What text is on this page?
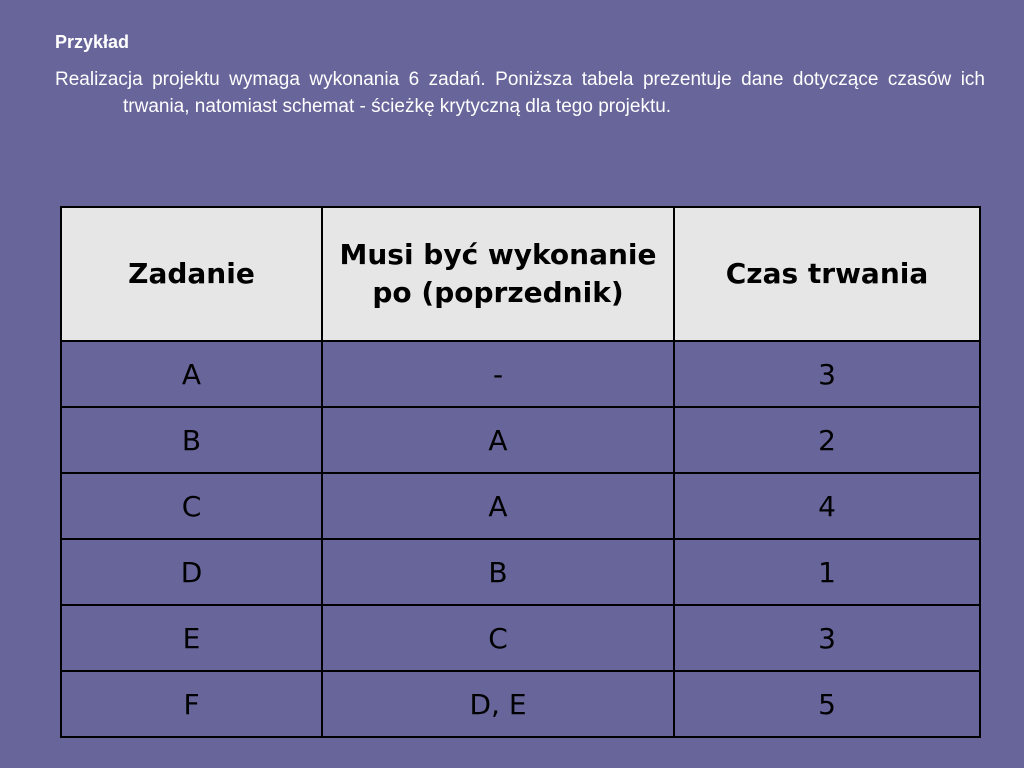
Przykład
Realizacja projektu wymaga wykonania 6 zadań. Poniższa tabela prezentuje dane dotyczące czasów ich trwania, natomiast schemat - ścieżkę krytyczną dla tego projektu.
Zadanie	Musi być wykonanie po (poprzednik)	Czas trwania
A	-	3
B	A	2
C	A	4
D	B	1
E	C	3
F	D, E	5
